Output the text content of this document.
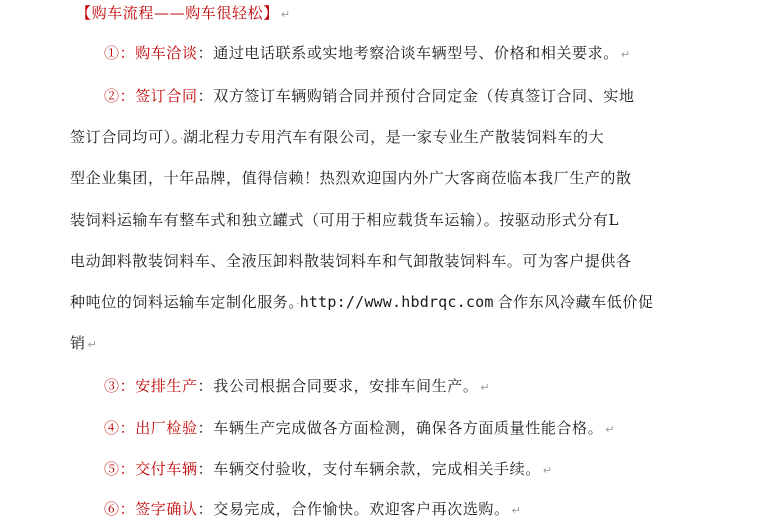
【购车流程——购车很轻松】 ↵
①：购车洽谈：通过电话联系或实地考察洽谈车辆型号、价格和相关要求。 ↵
②：签订合同：双方签订车辆购销合同并预付合同定金（传真签订合同、实地
签订合同均可）。·湖北程力专用汽车有限公司，是一家专业生产散装饲料车的大
型企业集团，十年品牌，值得信赖！热烈欢迎国内外广大客商莅临本我厂生产的散
装饲料运输车有整车式和独立罐式（可用于相应载货车运输）。按驱动形式分有L
电动卸料散装饲料车、全液压卸料散装饲料车和气卸散装饲料车。可为客户提供各
种吨位的饲料运输车定制化服务。·http://www.hbdrqc.com 合作东风冷藏车低价促
销 ↵
③：安排生产：我公司根据合同要求，安排车间生产。 ↵
④：出厂检验：车辆生产完成做各方面检测，确保各方面质量性能合格。 ↵
⑤：交付车辆：车辆交付验收，支付车辆余款，完成相关手续。 ↵
⑥：签字确认：交易完成，合作愉快。欢迎客户再次选购。 ↵
